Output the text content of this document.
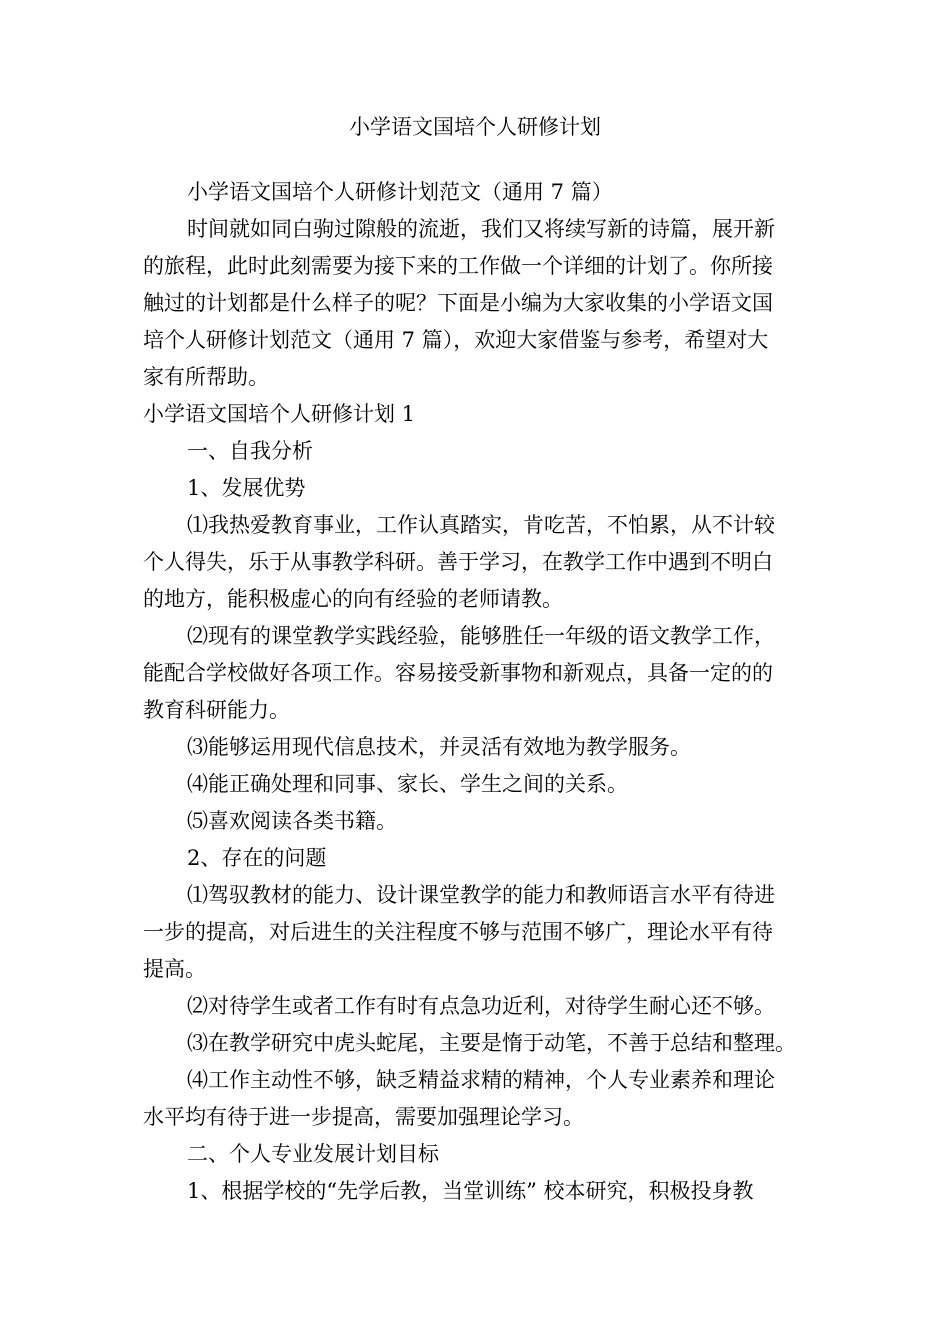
小学语文国培个人研修计划
小学语文国培个人研修计划范文（通用 7 篇）
时间就如同白驹过隙般的流逝，我们又将续写新的诗篇，展开新
的旅程，此时此刻需要为接下来的工作做一个详细的计划了。你所接
触过的计划都是什么样子的呢？下面是小编为大家收集的小学语文国
培个人研修计划范文（通用 7 篇），欢迎大家借鉴与参考，希望对大
家有所帮助。
小学语文国培个人研修计划 1
一、自我分析
1、发展优势
⑴我热爱教育事业，工作认真踏实，肯吃苦，不怕累，从不计较
个人得失，乐于从事教学科研。善于学习，在教学工作中遇到不明白
的地方，能积极虚心的向有经验的老师请教。
⑵现有的课堂教学实践经验，能够胜任一年级的语文教学工作，
能配合学校做好各项工作。容易接受新事物和新观点，具备一定的的
教育科研能力。
⑶能够运用现代信息技术，并灵活有效地为教学服务。
⑷能正确处理和同事、家长、学生之间的关系。
⑸喜欢阅读各类书籍。
2、存在的问题
⑴驾驭教材的能力、设计课堂教学的能力和教师语言水平有待进
一步的提高，对后进生的关注程度不够与范围不够广，理论水平有待
提高。
⑵对待学生或者工作有时有点急功近利，对待学生耐心还不够。
⑶在教学研究中虎头蛇尾，主要是惰于动笔，不善于总结和整理。
⑷工作主动性不够，缺乏精益求精的精神，个人专业素养和理论
水平均有待于进一步提高，需要加强理论学习。
二、个人专业发展计划目标
1、根据学校的“先学后教，当堂训练” 校本研究，积极投身教
